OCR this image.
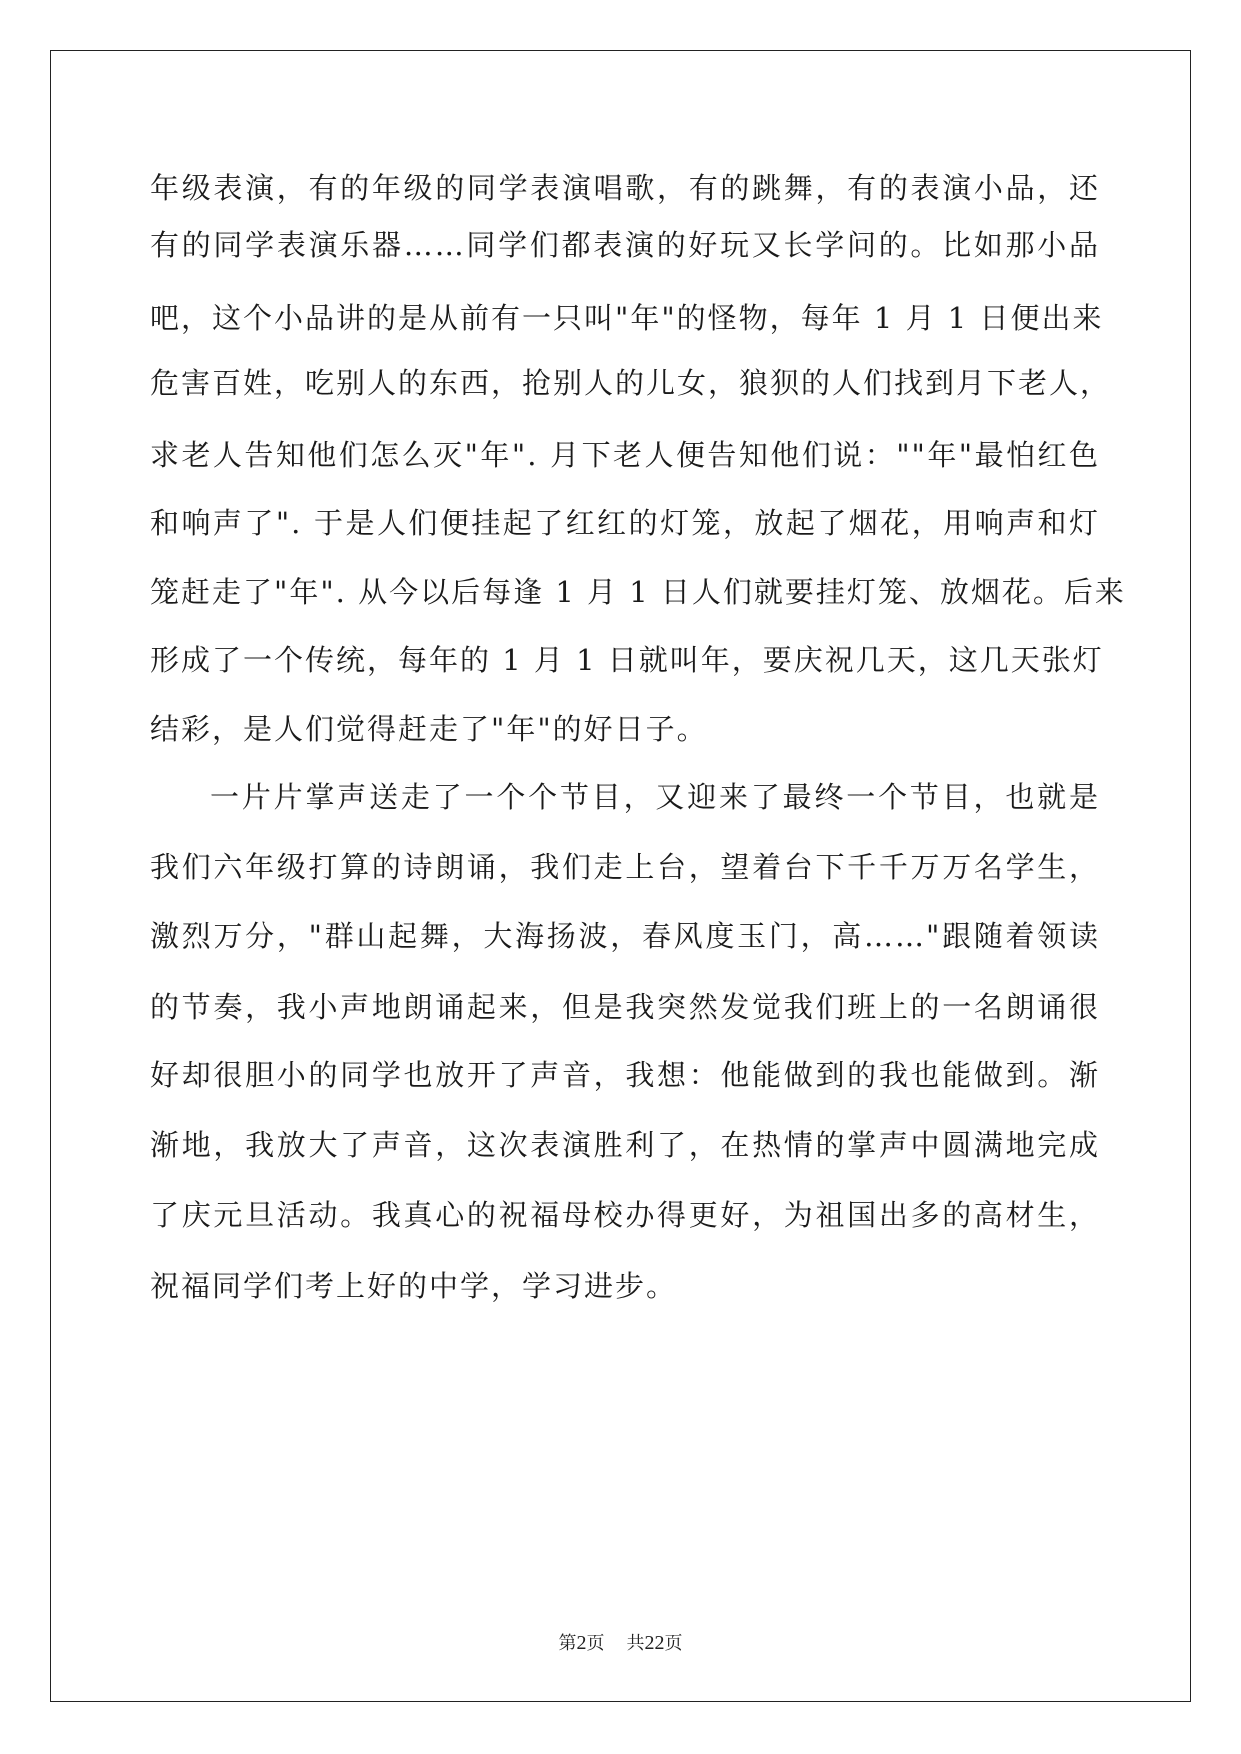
年级表演，有的年级的同学表演唱歌，有的跳舞，有的表演小品，还
有的同学表演乐器……同学们都表演的好玩又长学问的。比如那小品
吧，这个小品讲的是从前有一只叫"年"的怪物，每年 1 月 1 日便出来
危害百姓，吃别人的东西，抢别人的儿女，狼狈的人们找到月下老人，
求老人告知他们怎么灭"年". 月下老人便告知他们说：""年"最怕红色
和响声了". 于是人们便挂起了红红的灯笼，放起了烟花，用响声和灯
笼赶走了"年". 从今以后每逢 1 月 1 日人们就要挂灯笼、放烟花。后来
形成了一个传统，每年的 1 月 1 日就叫年，要庆祝几天，这几天张灯
结彩，是人们觉得赶走了"年"的好日子。
一片片掌声送走了一个个节目，又迎来了最终一个节目，也就是
我们六年级打算的诗朗诵，我们走上台，望着台下千千万万名学生，
激烈万分，"群山起舞，大海扬波，春风度玉门，高……"跟随着领读
的节奏，我小声地朗诵起来，但是我突然发觉我们班上的一名朗诵很
好却很胆小的同学也放开了声音，我想：他能做到的我也能做到。渐
渐地，我放大了声音，这次表演胜利了，在热情的掌声中圆满地完成
了庆元旦活动。我真心的祝福母校办得更好，为祖国出多的高材生，
祝福同学们考上好的中学，学习进步。
第2页 共22页
